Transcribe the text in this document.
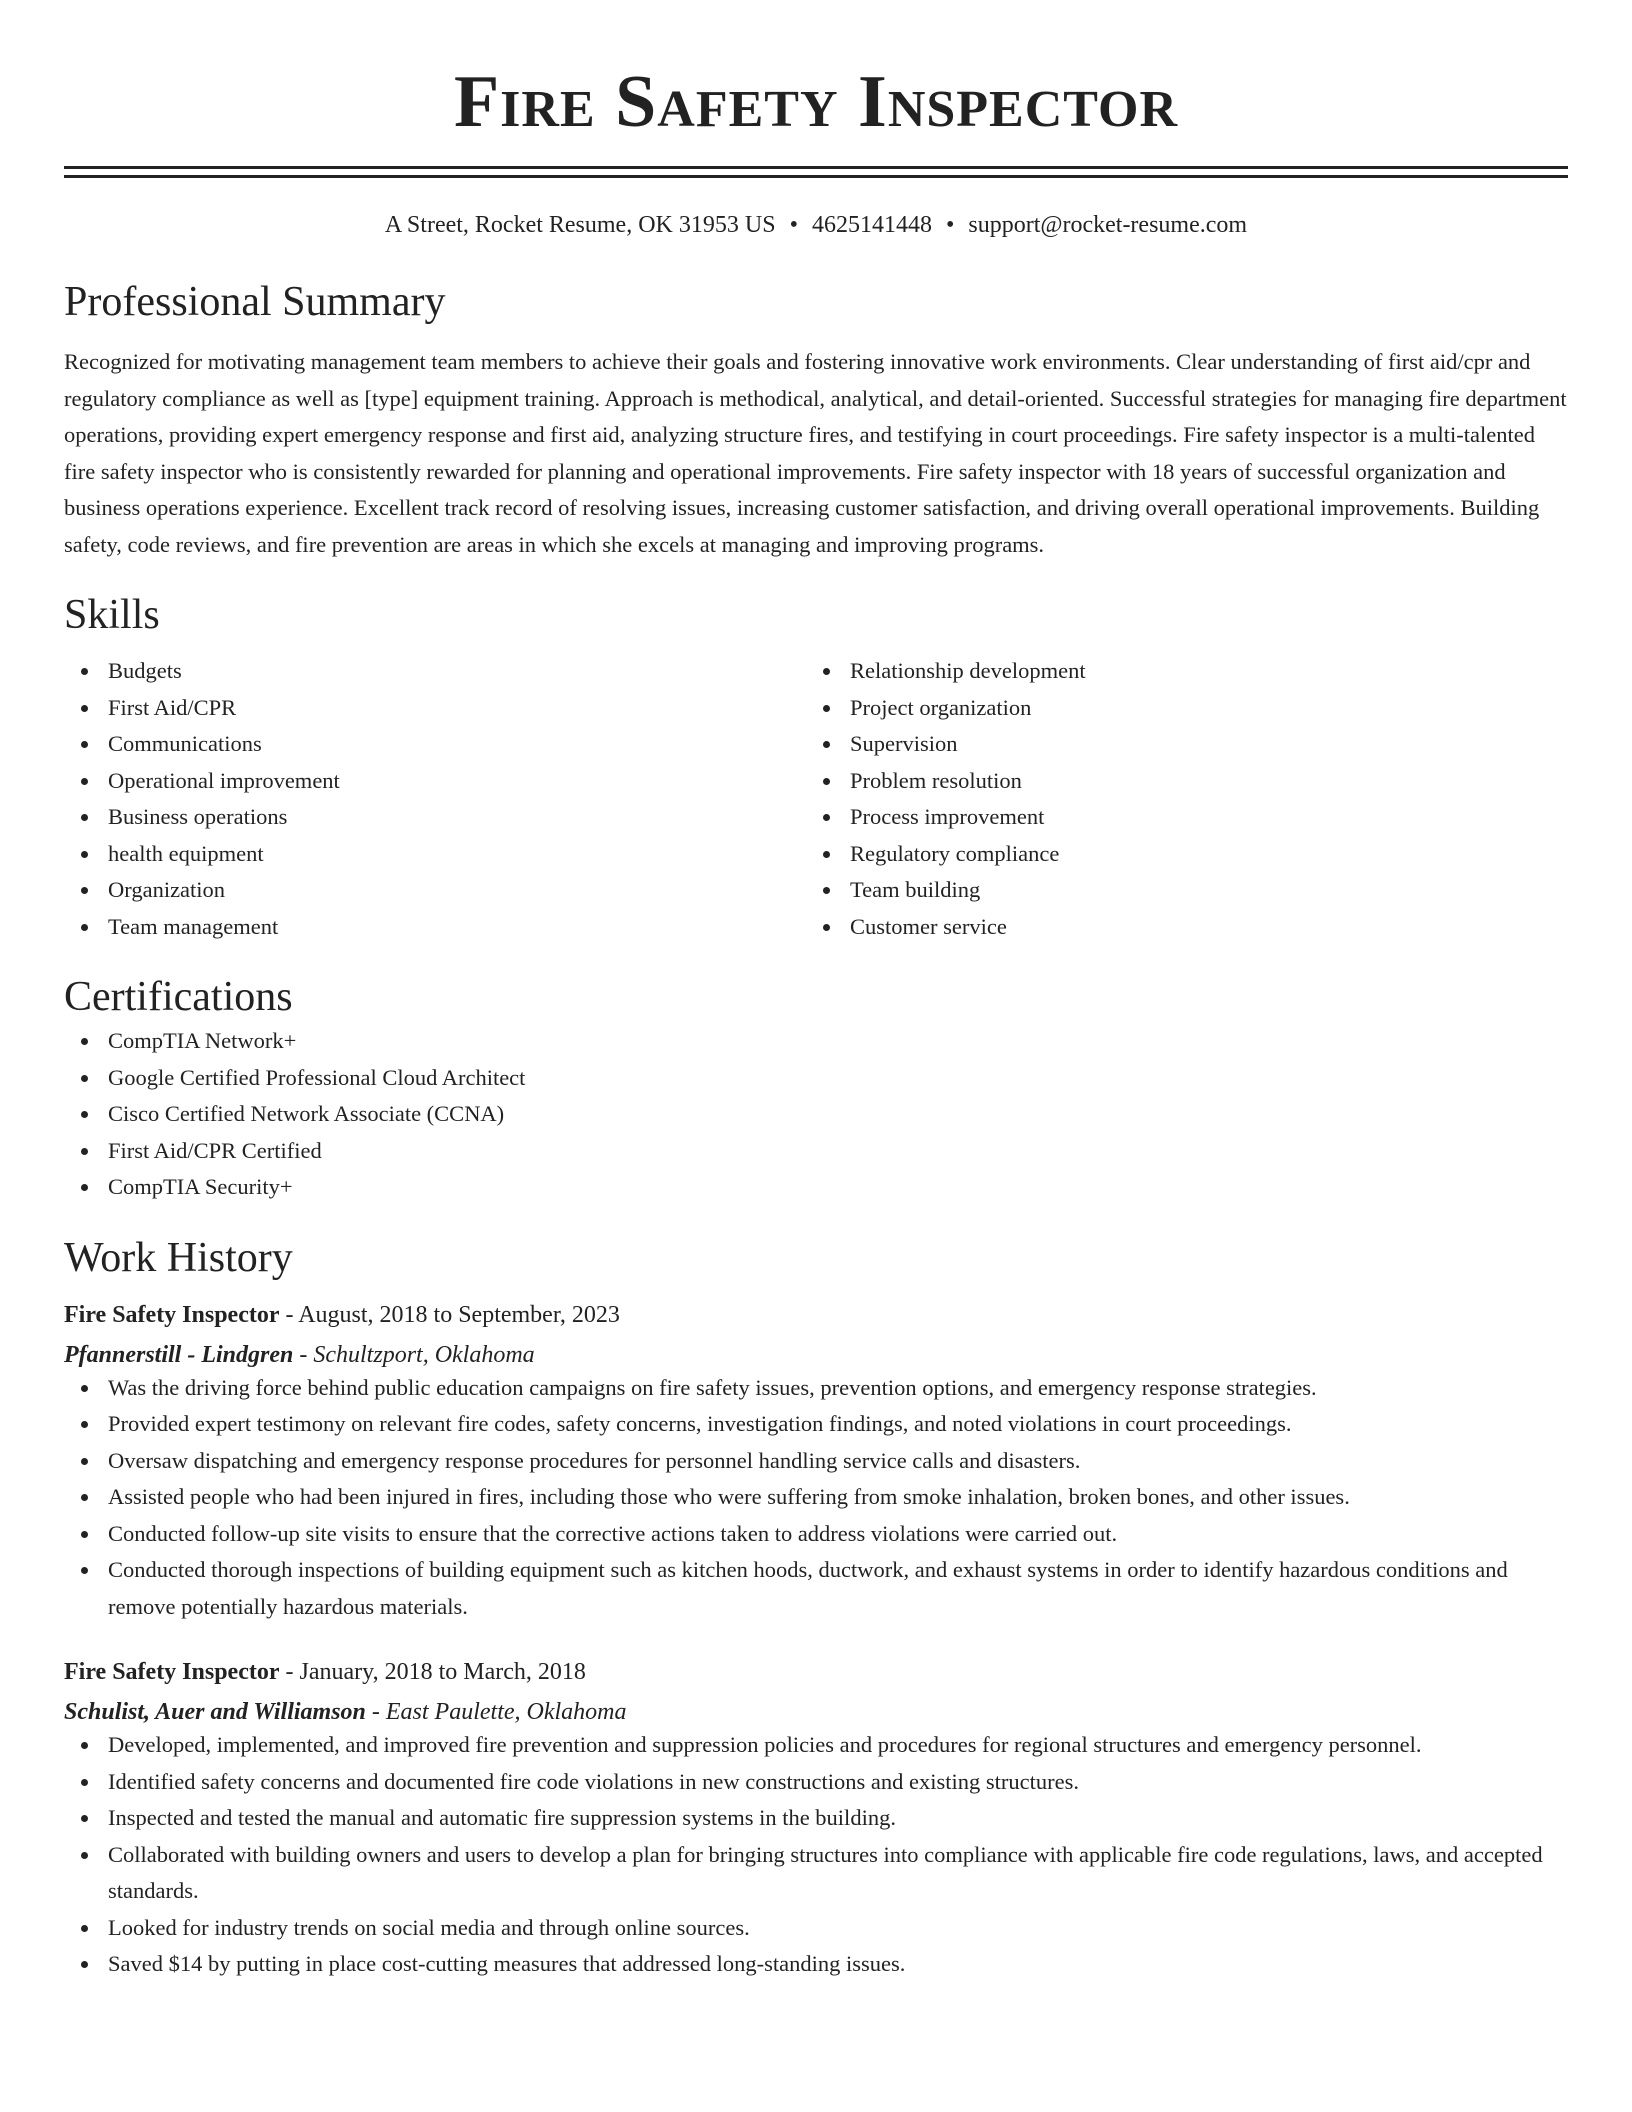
Fire Safety Inspector
A Street, Rocket Resume, OK 31953 US • 4625141448 • support@rocket-resume.com
Professional Summary
Recognized for motivating management team members to achieve their goals and fostering innovative work environments. Clear understanding of first aid/cpr and regulatory compliance as well as [type] equipment training. Approach is methodical, analytical, and detail-oriented. Successful strategies for managing fire department operations, providing expert emergency response and first aid, analyzing structure fires, and testifying in court proceedings. Fire safety inspector is a multi-talented fire safety inspector who is consistently rewarded for planning and operational improvements. Fire safety inspector with 18 years of successful organization and business operations experience. Excellent track record of resolving issues, increasing customer satisfaction, and driving overall operational improvements. Building safety, code reviews, and fire prevention are areas in which she excels at managing and improving programs.
Skills
Budgets
First Aid/CPR
Communications
Operational improvement
Business operations
health equipment
Organization
Team management
Relationship development
Project organization
Supervision
Problem resolution
Process improvement
Regulatory compliance
Team building
Customer service
Certifications
CompTIA Network+
Google Certified Professional Cloud Architect
Cisco Certified Network Associate (CCNA)
First Aid/CPR Certified
CompTIA Security+
Work History
Fire Safety Inspector - August, 2018 to September, 2023
Pfannerstill - Lindgren - Schultzport, Oklahoma
Was the driving force behind public education campaigns on fire safety issues, prevention options, and emergency response strategies.
Provided expert testimony on relevant fire codes, safety concerns, investigation findings, and noted violations in court proceedings.
Oversaw dispatching and emergency response procedures for personnel handling service calls and disasters.
Assisted people who had been injured in fires, including those who were suffering from smoke inhalation, broken bones, and other issues.
Conducted follow-up site visits to ensure that the corrective actions taken to address violations were carried out.
Conducted thorough inspections of building equipment such as kitchen hoods, ductwork, and exhaust systems in order to identify hazardous conditions and remove potentially hazardous materials.
Fire Safety Inspector - January, 2018 to March, 2018
Schulist, Auer and Williamson - East Paulette, Oklahoma
Developed, implemented, and improved fire prevention and suppression policies and procedures for regional structures and emergency personnel.
Identified safety concerns and documented fire code violations in new constructions and existing structures.
Inspected and tested the manual and automatic fire suppression systems in the building.
Collaborated with building owners and users to develop a plan for bringing structures into compliance with applicable fire code regulations, laws, and accepted standards.
Looked for industry trends on social media and through online sources.
Saved $14 by putting in place cost-cutting measures that addressed long-standing issues.
